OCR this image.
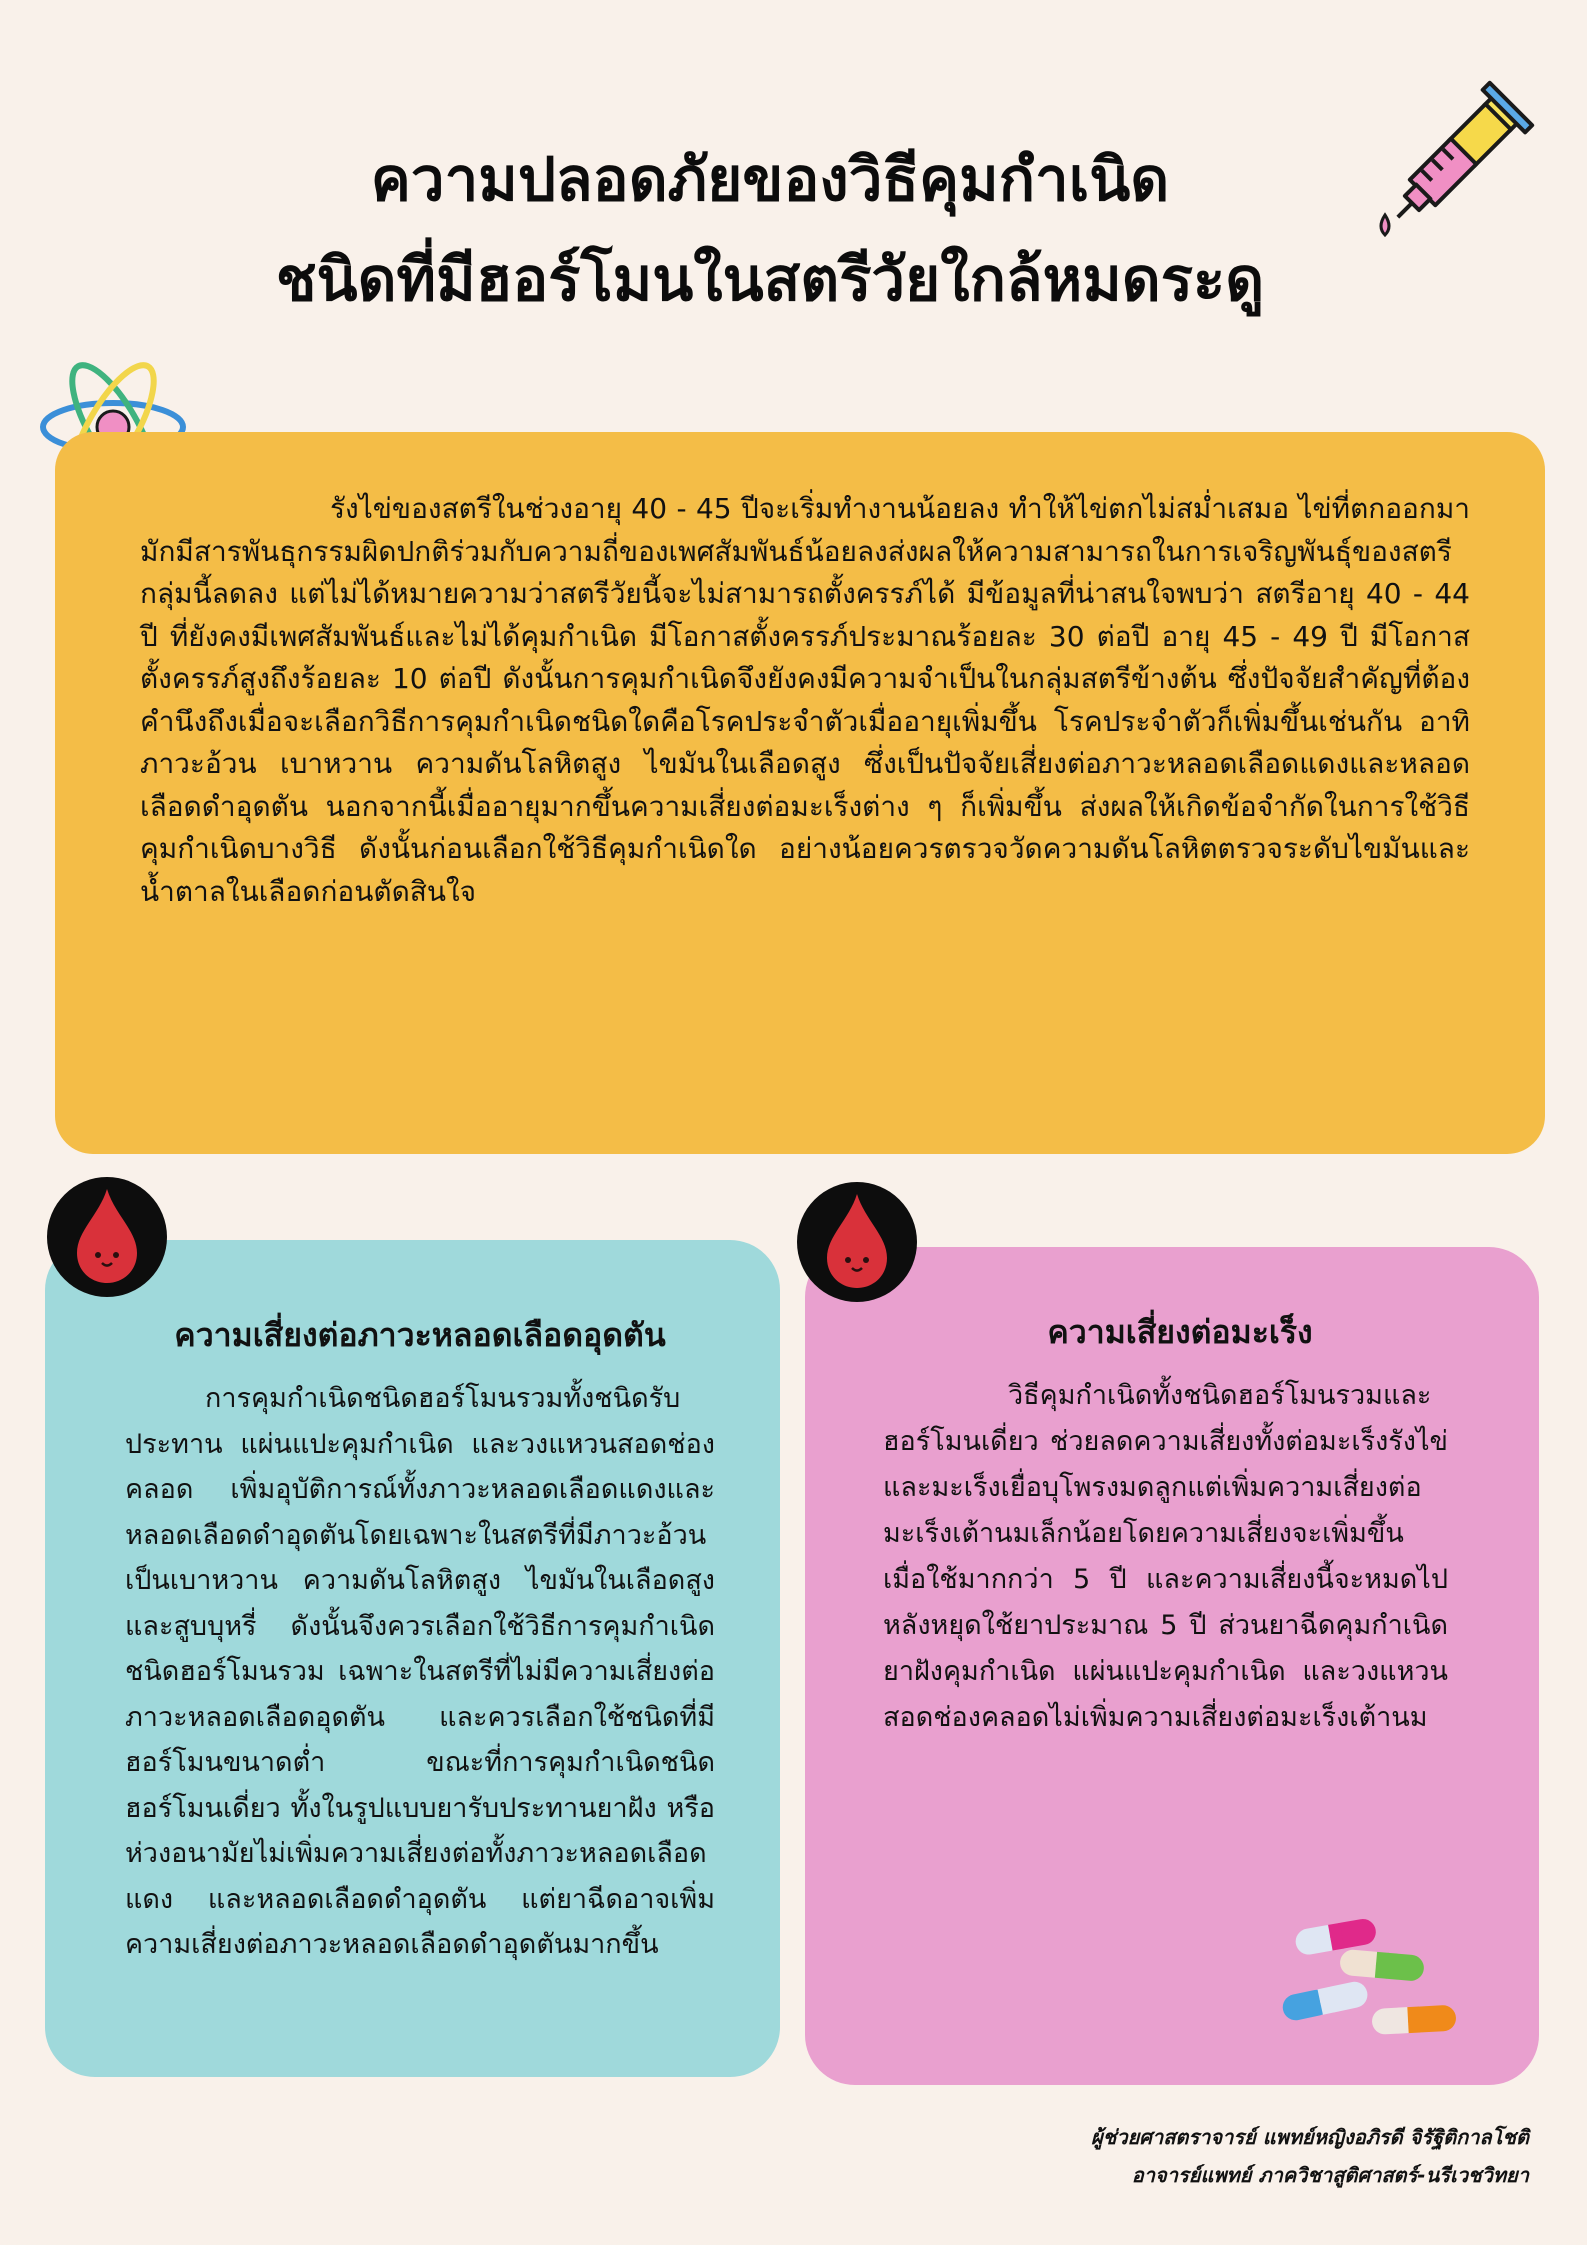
ความปลอดภัยของวิธีคุมกำเนิด
ชนิดที่มีฮอร์โมนในสตรีวัยใกล้หมดระดู

รังไข่ของสตรีในช่วงอายุ 40 - 45 ปีจะเริ่มทำงานน้อยลง ทำให้ไข่ตกไม่สม่ำเสมอ ไข่ที่ตกออกมามักมีสารพันธุกรรมผิดปกติร่วมกับความถี่ของเพศสัมพันธ์น้อยลงส่งผลให้ความสามารถในการเจริญพันธุ์ของสตรีกลุ่มนี้ลดลง แต่ไม่ได้หมายความว่าสตรีวัยนี้จะไม่สามารถตั้งครรภ์ได้ มีข้อมูลที่น่าสนใจพบว่า สตรีอายุ 40 - 44 ปี ที่ยังคงมีเพศสัมพันธ์และไม่ได้คุมกำเนิด มีโอกาสตั้งครรภ์ประมาณร้อยละ 30 ต่อปี อายุ 45 - 49 ปี มีโอกาสตั้งครรภ์สูงถึงร้อยละ 10 ต่อปี ดังนั้นการคุมกำเนิดจึงยังคงมีความจำเป็นในกลุ่มสตรีข้างต้น ซึ่งปัจจัยสำคัญที่ต้องคำนึงถึงเมื่อจะเลือกวิธีการคุมกำเนิดชนิดใดคือโรคประจำตัวเมื่ออายุเพิ่มขึ้น โรคประจำตัวก็เพิ่มขึ้นเช่นกัน อาทิ ภาวะอ้วน เบาหวาน ความดันโลหิตสูง ไขมันในเลือดสูง ซึ่งเป็นปัจจัยเสี่ยงต่อภาวะหลอดเลือดแดงและหลอดเลือดดำอุดตัน นอกจากนี้เมื่ออายุมากขึ้นความเสี่ยงต่อมะเร็งต่าง ๆ ก็เพิ่มขึ้น ส่งผลให้เกิดข้อจำกัดในการใช้วิธีคุมกำเนิดบางวิธี ดังนั้นก่อนเลือกใช้วิธีคุมกำเนิดใด อย่างน้อยควรตรวจวัดความดันโลหิตตรวจระดับไขมันและน้ำตาลในเลือดก่อนตัดสินใจ

ความเสี่ยงต่อภาวะหลอดเลือดอุดตัน

การคุมกำเนิดชนิดฮอร์โมนรวมทั้งชนิดรับประทาน แผ่นแปะคุมกำเนิด และวงแหวนสอดช่องคลอด เพิ่มอุบัติการณ์ทั้งภาวะหลอดเลือดแดงและหลอดเลือดดำอุดตันโดยเฉพาะในสตรีที่มีภาวะอ้วน เป็นเบาหวาน ความดันโลหิตสูง ไขมันในเลือดสูง และสูบบุหรี่ ดังนั้นจึงควรเลือกใช้วิธีการคุมกำเนิดชนิดฮอร์โมนรวม เฉพาะในสตรีที่ไม่มีความเสี่ยงต่อภาวะหลอดเลือดอุดตัน และควรเลือกใช้ชนิดที่มีฮอร์โมนขนาดต่ำ ขณะที่การคุมกำเนิดชนิดฮอร์โมนเดี่ยว ทั้งในรูปแบบยารับประทานยาฝัง หรือห่วงอนามัยไม่เพิ่มความเสี่ยงต่อทั้งภาวะหลอดเลือดแดง และหลอดเลือดดำอุดตัน แต่ยาฉีดอาจเพิ่มความเสี่ยงต่อภาวะหลอดเลือดดำอุดตันมากขึ้น

ความเสี่ยงต่อมะเร็ง

วิธีคุมกำเนิดทั้งชนิดฮอร์โมนรวมและฮอร์โมนเดี่ยว ช่วยลดความเสี่ยงทั้งต่อมะเร็งรังไข่และมะเร็งเยื่อบุโพรงมดลูกแต่เพิ่มความเสี่ยงต่อมะเร็งเต้านมเล็กน้อยโดยความเสี่ยงจะเพิ่มขึ้น เมื่อใช้มากกว่า 5 ปี และความเสี่ยงนี้จะหมดไปหลังหยุดใช้ยาประมาณ 5 ปี ส่วนยาฉีดคุมกำเนิดยาฝังคุมกำเนิด แผ่นแปะคุมกำเนิด และวงแหวนสอดช่องคลอดไม่เพิ่มความเสี่ยงต่อมะเร็งเต้านม

ผู้ช่วยศาสตราจารย์ แพทย์หญิงอภิรดี จิรัฐิติกาลโชติ
อาจารย์แพทย์ ภาควิชาสูติศาสตร์-นรีเวชวิทยา
